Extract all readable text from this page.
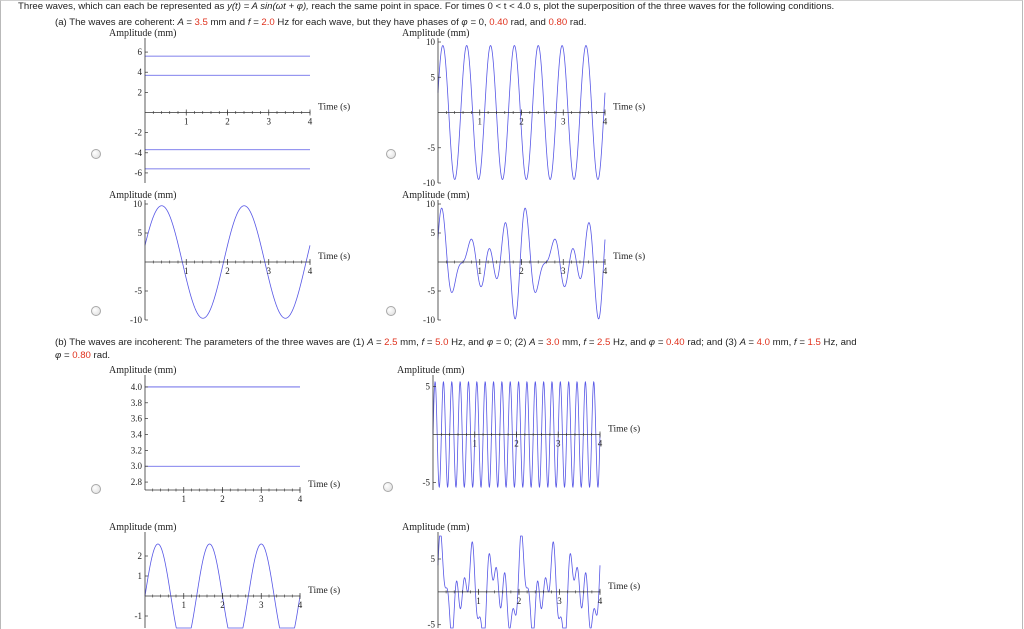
Three waves, which can each be represented as y(t) = A sin(ωt + φ), reach the same point in space. For times 0 < t < 4.0 s, plot the superposition of the three waves for the following conditions.
(a) The waves are coherent: A = 3.5 mm and f = 2.0 Hz for each wave, but they have phases of φ = 0, 0.40 rad, and 0.80 rad.
(b) The waves are incoherent: The parameters of the three waves are (1) A = 2.5 mm, f = 5.0 Hz, and φ = 0; (2) A = 3.0 mm, f = 2.5 Hz, and φ = 0.40 rad; and (3) A = 4.0 mm, f = 1.5 Hz, and
φ = 0.80 rad.
Amplitude (mm)
1	2	3	4
6
4
2
-2
-4
-6
Time (s)
Amplitude (mm)
1	2	3	4
10
5
-5
-10
Time (s)
Amplitude (mm)
1	2	3	4
10
5
-5
-10
Time (s)
Amplitude (mm)
1	2	3	4
10
5
-5
-10
Time (s)
Amplitude (mm)
1	2	3	4
4.0
3.8
3.6
3.4
3.2
3.0
2.8	Time (s)
Amplitude (mm)
1	2	3	4
5
-5
Time (s)
Amplitude (mm)
1	2	3	4
2
1
-1
Time (s)
Amplitude (mm)
1	2	3	4
5
-5
Time (s)
